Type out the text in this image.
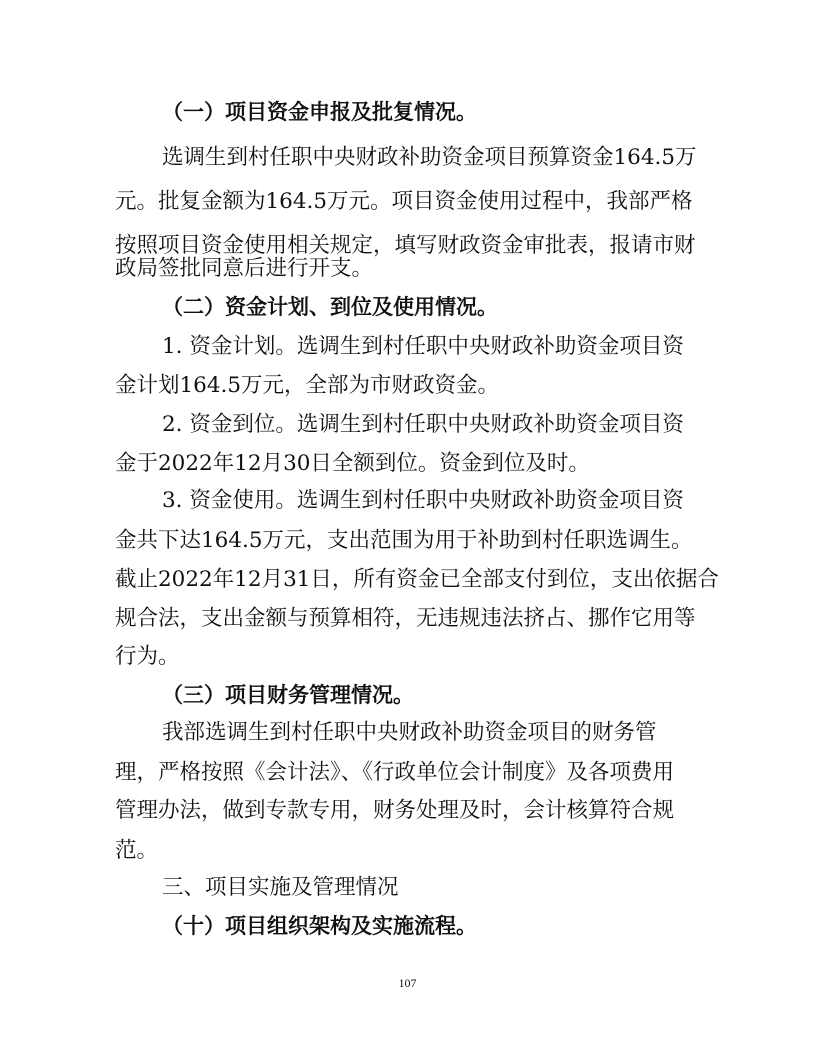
（一）项目资金申报及批复情况。
选调生到村任职中央财政补助资金项目预算资金164.5万
元。批复金额为164.5万元。项目资金使用过程中，我部严格
按照项目资金使用相关规定，填写财政资金审批表，报请市财
政局签批同意后进行开支。
（二）资金计划、到位及使用情况。
1. 资金计划。选调生到村任职中央财政补助资金项目资
金计划164.5万元，全部为市财政资金。
2. 资金到位。选调生到村任职中央财政补助资金项目资
金于2022年12月30日全额到位。资金到位及时。
3. 资金使用。选调生到村任职中央财政补助资金项目资
金共下达164.5万元，支出范围为用于补助到村任职选调生。
截止2022年12月31日，所有资金已全部支付到位，支出依据合
规合法，支出金额与预算相符，无违规违法挤占、挪作它用等
行为。
（三）项目财务管理情况。
我部选调生到村任职中央财政补助资金项目的财务管
理，严格按照《会计法》、《行政单位会计制度》及各项费用
管理办法，做到专款专用，财务处理及时，会计核算符合规
范。
三、项目实施及管理情况
（十）项目组织架构及实施流程。
107
